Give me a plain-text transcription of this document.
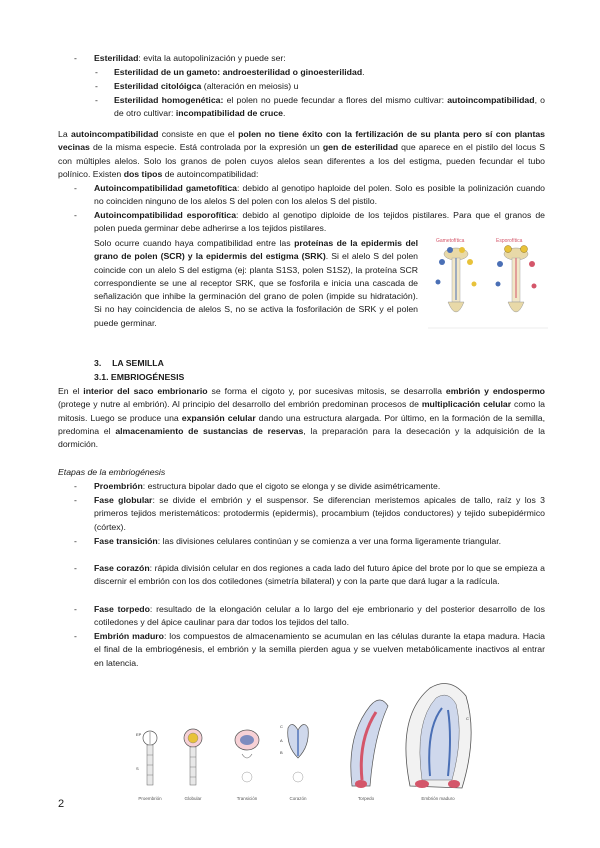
- Esterilidad: evita la autopolinización y puede ser:
- Esterilidad de un gameto: androesterilidad o ginoesterilidad.
- Esterilidad citolóigca (alteración en meiosis) u
- Esterilidad homogenética: el polen no puede fecundar a flores del mismo cultivar: autoincompatibilidad, o de otro cultivar: incompatibilidad de cruce.
La autoincompatibilidad consiste en que el polen no tiene éxito con la fertilización de su planta pero sí con plantas vecinas de la misma especie. Está controlada por la expresión un gen de esterilidad que aparece en el pistilo del locus S con múltiples alelos. Solo los granos de polen cuyos alelos sean diferentes a los del estigma, pueden fecundar el tubo polínico. Existen dos tipos de autoincompatibilidad:
- Autoincompatibilidad gametofítica: debido al genotipo haploide del polen. Solo es posible la polinización cuando no coinciden ninguno de los alelos S del polen con los alelos S del pistilo.
- Autoincompatibilidad esporofítica: debido al genotipo diploide de los tejidos pistilares. Para que el granos de polen pueda germinar debe adherirse a los tejidos pistilares.
Solo ocurre cuando haya compatibilidad entre las proteínas de la epidermis del grano de polen (SCR) y la epidermis del estigma (SRK). Si el alelo S del polen coincide con un alelo S del estigma (ej: planta S1S3, polen S1S2), la proteína SCR correspondiente se une al receptor SRK, que se fosforila e inicia una cascada de señalización que inhibe la germinación del grano de polen (impide su hidratación). Si no hay coincidencia de alelos S, no se activa la fosforilación de SRK y el polen puede germinar.
Gametofítica	Esporofítica
3. LA SEMILLA
3.1. EMBRIOGÉNESIS
En el interior del saco embrionario se forma el cigoto y, por sucesivas mitosis, se desarrolla embrión y endospermo (protege y nutre al embrión). Al principio del desarrollo del embrión predominan procesos de multiplicación celular como la mitosis. Luego se produce una expansión celular dando una estructura alargada. Por último, en la formación de la semilla, predomina el almacenamiento de sustancias de reservas, la preparación para la desecación y la adquisición de la dormición.
Etapas de la embriogénesis
- Proembrión: estructura bipolar dado que el cigoto se elonga y se divide asimétricamente.
- Fase globular: se divide el embrión y el suspensor. Se diferencian meristemos apicales de tallo, raíz y los 3 primeros tejidos meristemáticos: protodermis (epidermis), procambium (tejidos conductores) y tejido subepidérmico (córtex).
- Fase transición: las divisiones celulares continúan y se comienza a ver una forma ligeramente triangular.
- Fase corazón: rápida división celular en dos regiones a cada lado del futuro ápice del brote por lo que se empieza a discernir el embrión con los dos cotiledones (simetría bilateral) y con la parte que dará lugar a la radícula.
- Fase torpedo: resultado de la elongación celular a lo largo del eje embrionario y del posterior desarrollo de los cotiledones y del ápice caulinar para dar todos los tejidos del tallo.
- Embrión maduro: los compuestos de almacenamiento se acumulan en las células durante la etapa madura. Hacia el final de la embriogénesis, el embrión y la semilla pierden agua y se vuelven metabólicamente inactivos al entrar en latencia.
EP
S
C
A
B
C
Proembrión	Globular	Transición	Corazón	Torpedo	Embrión maduro
2
